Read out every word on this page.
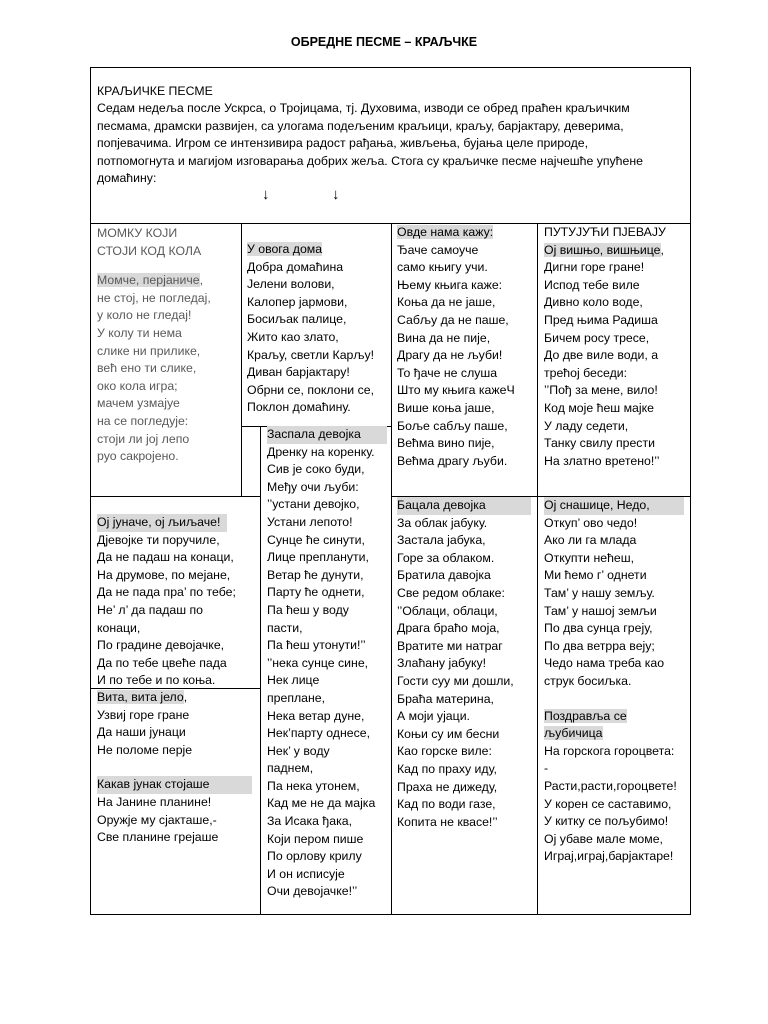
ОБРЕДНЕ ПЕСМЕ – КРАЉЧКЕ

КРАЉИЧКЕ ПЕСМЕ

Седам недеља после Ускрса, о Тројицама, тј. Духовима, изводи се обред праћен краљичким

песмама, драмски развијен, са улогама подељеним краљици, краљу, барјактару, деверима,

попјевачима. Игром се интензивира радост рађања, живљења, бујања целе природе,

потпомогнута и магијом изговарања добрих жеља. Стога су краљичке песме најчешће упућене

домаћину:

↓	↓

МОМКУ КОЈИ

СТОЈИ КОД КОЛА

Момче, перјаниче,

не стој, не погледај,

у коло не гледај!

У колу ти нема

слике ни прилике,

већ ено ти слике,

око кола игра;

мачем узмајуе

на се погледује:

стоји ли јој лепо

руо сакројено.

У овога дома

Добра домаћина

Јелени волови,

Калопер јармови,

Босиљак палице,

Жито као злато,

Краљу, светли Карљу!

Диван барјактару!

Обрни се, поклони се,

Поклон домаћину.

Овде нама кажу:

Ђаче самоуче

само књигу учи.

Њему књига каже:

Коња да не јаше,

Сабљу да не паше,

Вина да не пије,

Драгу да не љуби!

То ђаче не слуша

Што му књига кажеЧ

Више коња јаше,

Боље сабљу паше,

Већма вино пије,

Већма драгу љуби.

ПУТУЈУЋИ ПЈЕВАЈУ

Ој вишњо, вишњице,

Дигни горе гране!

Испод тебе виле

Дивно коло воде,

Пред њима Радиша

Бичем росу тресе,

До две виле води, а

трећој беседи:

’’Пођ за мене, вило!

Код моје ћеш мајке

У ладу седети,

Танку свилу прести

На златно вретено!’’

Заспала девојка

Дренку на коренку.

Сив је соко буди,

Међу очи љуби:

’’устани девојко,

Устани лепото!

Сунце ће синути,

Лице препланути,

Ветар ће дунути,

Парту ће однети,

Па ћеш у воду

пасти,

Па ћеш утонути!’’

’’нека сунце сине,

Нек лице

преплане,

Нека ветар дуне,

Нек’парту однесе,

Нек’ у воду

паднем,

Па нека утонем,

Кад ме не да мајка

За Исака ђака,

Који пером пише

По орлову крилу

И он исписује

Очи девојачке!’’

Ој јуначе, ој љиљаче!

Дјевојке ти поручиле,

Да не падаш на конаци,

На друмове, по мејане,

Да не пада пра’ по тебе;

Не’ л’ да падаш по

конаци,

По градине девојачке,

Да по тебе цвеће пада

И по тебе и по коња.

Вита, вита јело,

Узвиј горе гране

Да наши јунаци

Не поломе перје

Какав јунак стојаше

На Јанине планине!

Оружје му сјакташе,-

Све планине грејаше

Бацала девојка

За облак јабуку.

Застала јабука,

Горе за облаком.

Братила давојка

Све редом облаке:

’’Облаци, облаци,

Драга браћо моја,

Вратите ми натраг

Злаћану јабуку!

Гости суу ми дошли,

Браћа материна,

А моји ујаци.

Коњи су им бесни

Као горске виле:

Кад по праху иду,

Праха не дижеду,

Кад по води газе,

Копита не квасе!’’

Ој снашице, Недо,

Откуп’ ово чедо!

Ако ли га млада

Откупти нећеш,

Ми ћемо г’ однети

Там’ у нашу земљу.

Там’ у нашој земљи

По два сунца греју,

По два ветрра веју;

Чедо нама треба као

струк босиљка.

Поздравља се

љубичица

На горскога гороцвета:

-

Расти,расти,гороцвете!

У корен се саставимо,

У китку се пољубимо!

Ој убаве мале моме,

Играј,играј,барјактаре!
